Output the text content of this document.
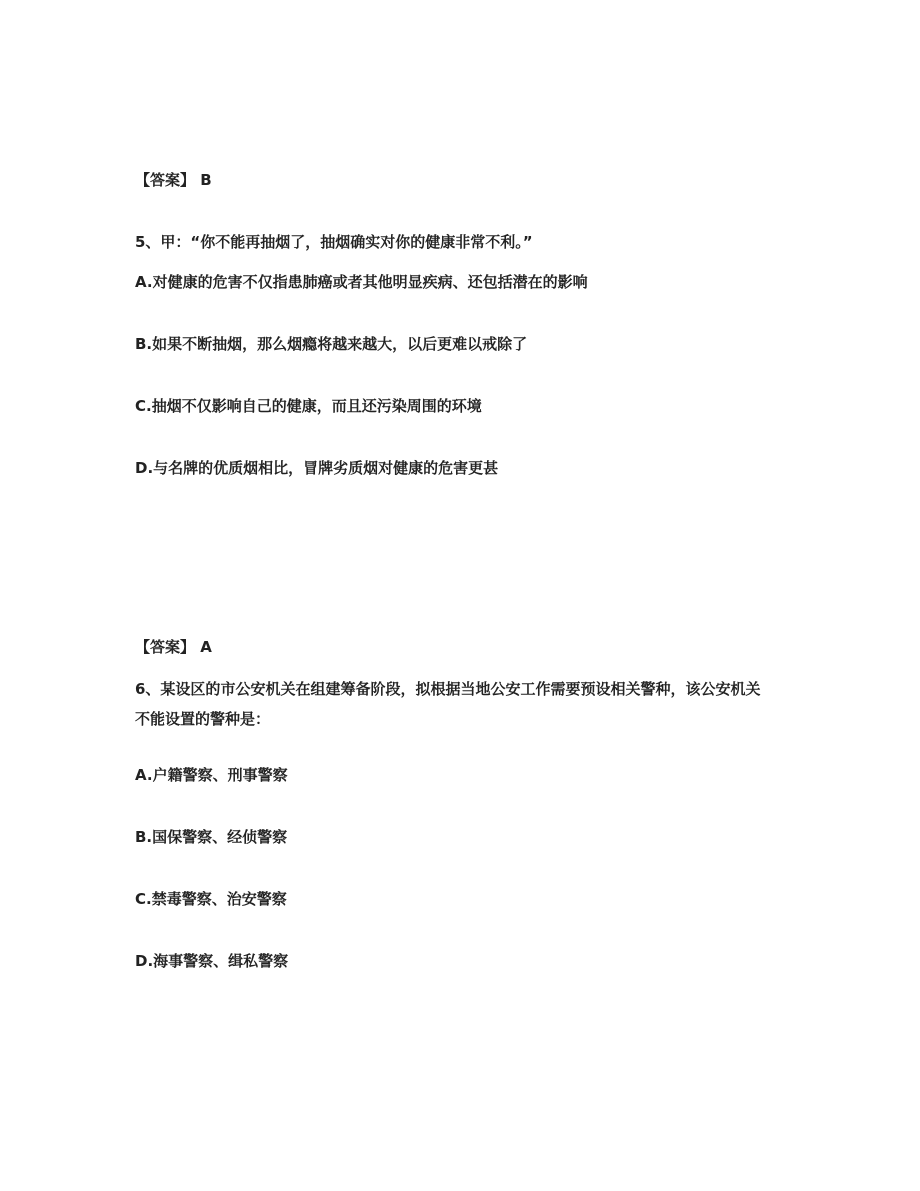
【答案】 B
5、甲：“你不能再抽烟了，抽烟确实对你的健康非常不利。”
A.对健康的危害不仅指患肺癌或者其他明显疾病、还包括潜在的影响
B.如果不断抽烟，那么烟瘾将越来越大，以后更难以戒除了
C.抽烟不仅影响自己的健康，而且还污染周围的环境
D.与名牌的优质烟相比，冒牌劣质烟对健康的危害更甚
【答案】 A
6、某设区的市公安机关在组建筹备阶段，拟根据当地公安工作需要预设相关警种，该公安机关不能设置的警种是：
A.户籍警察、刑事警察
B.国保警察、经侦警察
C.禁毒警察、治安警察
D.海事警察、缉私警察
